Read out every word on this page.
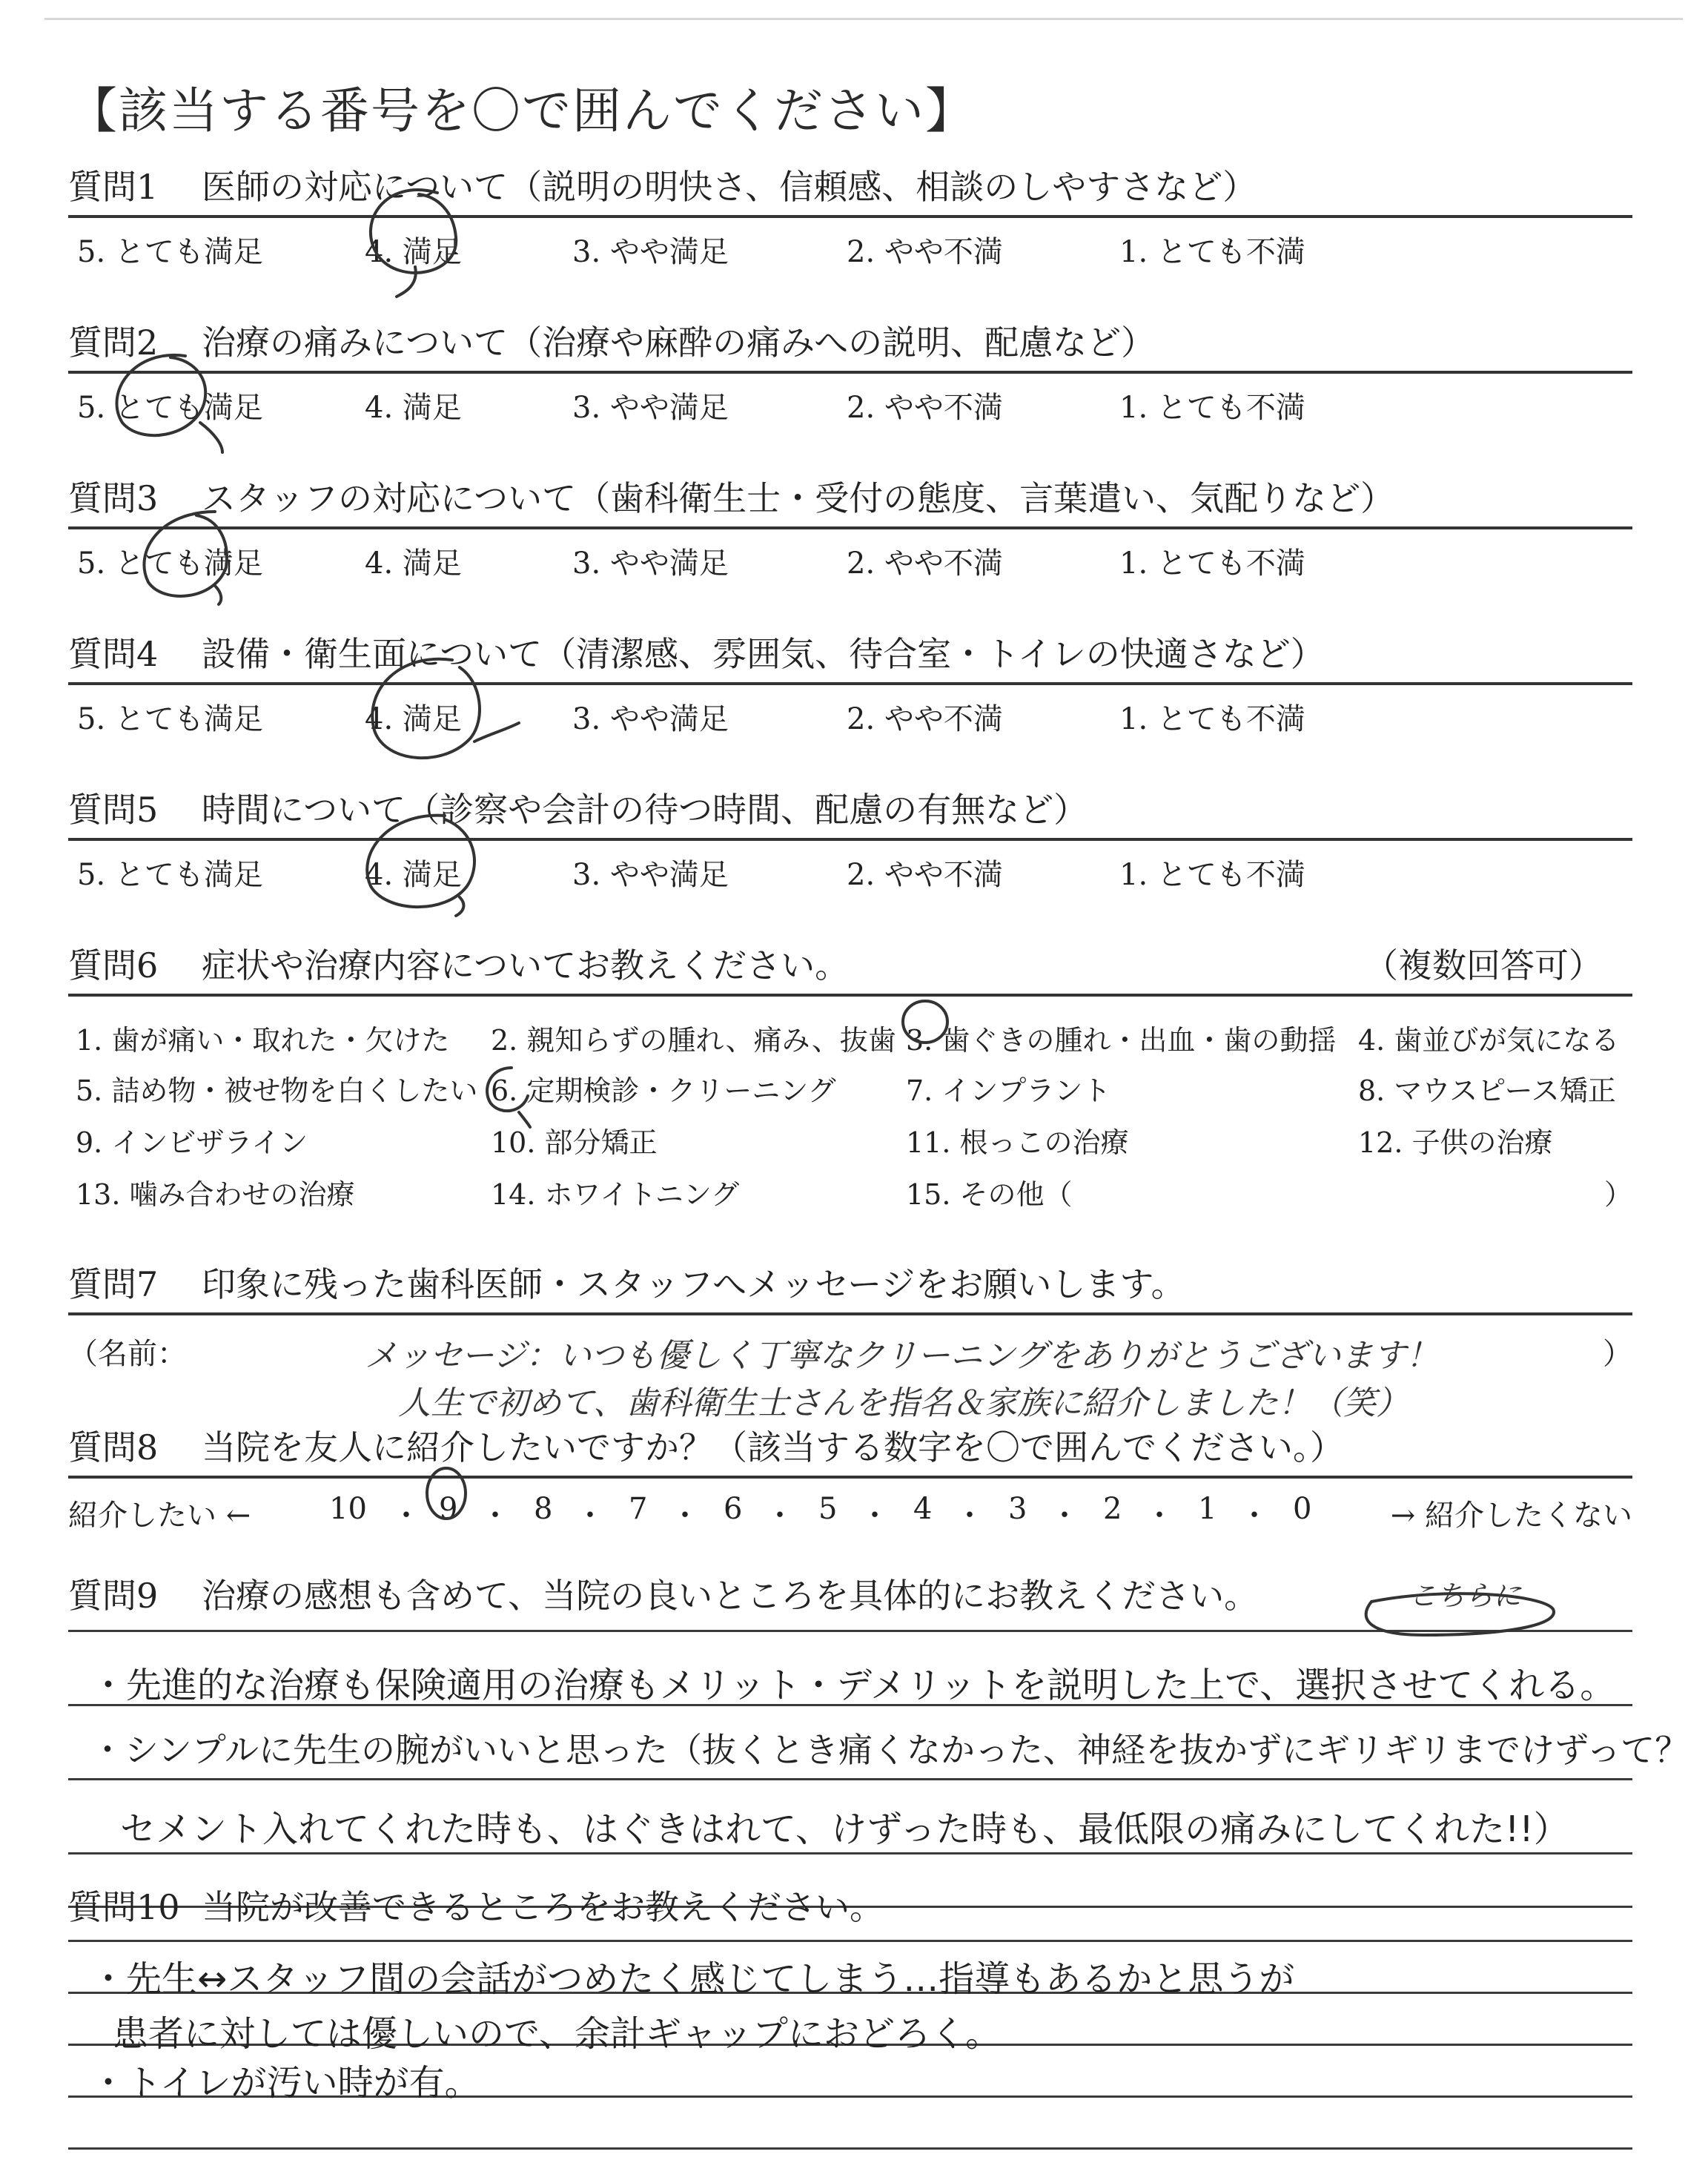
【該当する番号を〇で囲んでください】
質問1 医師の対応について（説明の明快さ、信頼感、相談のしやすさなど）
5. とても満足	4. 満足	3. やや満足	2. やや不満	1. とても不満
質問2 治療の痛みについて（治療や麻酔の痛みへの説明、配慮など）
5. とても満足	4. 満足	3. やや満足	2. やや不満	1. とても不満
質問3 スタッフの対応について（歯科衛生士・受付の態度、言葉遣い、気配りなど）
5. とても満足	4. 満足	3. やや満足	2. やや不満	1. とても不満
質問4 設備・衛生面について（清潔感、雰囲気、待合室・トイレの快適さなど）
5. とても満足	4. 満足	3. やや満足	2. やや不満	1. とても不満
質問5 時間について（診察や会計の待つ時間、配慮の有無など）
5. とても満足	4. 満足	3. やや満足	2. やや不満	1. とても不満
質問6 症状や治療内容についてお教えください。	（複数回答可）
1. 歯が痛い・取れた・欠けた 2. 親知らずの腫れ、痛み、抜歯 3. 歯ぐきの腫れ・出血・歯の動揺 4. 歯並びが気になる
5. 詰め物・被せ物を白くしたい 6. 定期検診・クリーニング 7. インプラント	8. マウスピース矯正
9. インビザライン	10. 部分矯正	11. 根っこの治療	12. 子供の治療
13. 噛み合わせの治療	14. ホワイトニング	15. その他（	）
質問7 印象に残った歯科医師・スタッフへメッセージをお願いします。
（名前：	メッセージ：いつも優しく丁寧なクリーニングをありがとうございます！
人生で初めて、歯科衛生士さんを指名＆家族に紹介しました！（笑）
）
質問8 当院を友人に紹介したいですか？（該当する数字を〇で囲んでください。）
紹介したい ←	10 ・ 9 ・ 8 ・ 7 ・ 6 ・ 5 ・ 4 ・ 3 ・ 2 ・ 1 ・ 0	→ 紹介したくない
質問9 治療の感想も含めて、当院の良いところを具体的にお教えください。	こちらに
・先進的な治療も保険適用の治療もメリット・デメリットを説明した上で、選択させてくれる。
・シンプルに先生の腕がいいと思った（抜くとき痛くなかった、神経を抜かずにギリギリまでけずって？
セメント入れてくれた時も、はぐきはれて、けずった時も、最低限の痛みにしてくれた!!）
質問10 当院が改善できるところをお教えください。
・先生↔スタッフ間の会話がつめたく感じてしまう…指導もあるかと思うが
患者に対しては優しいので、余計ギャップにおどろく。
・トイレが汚い時が有。
